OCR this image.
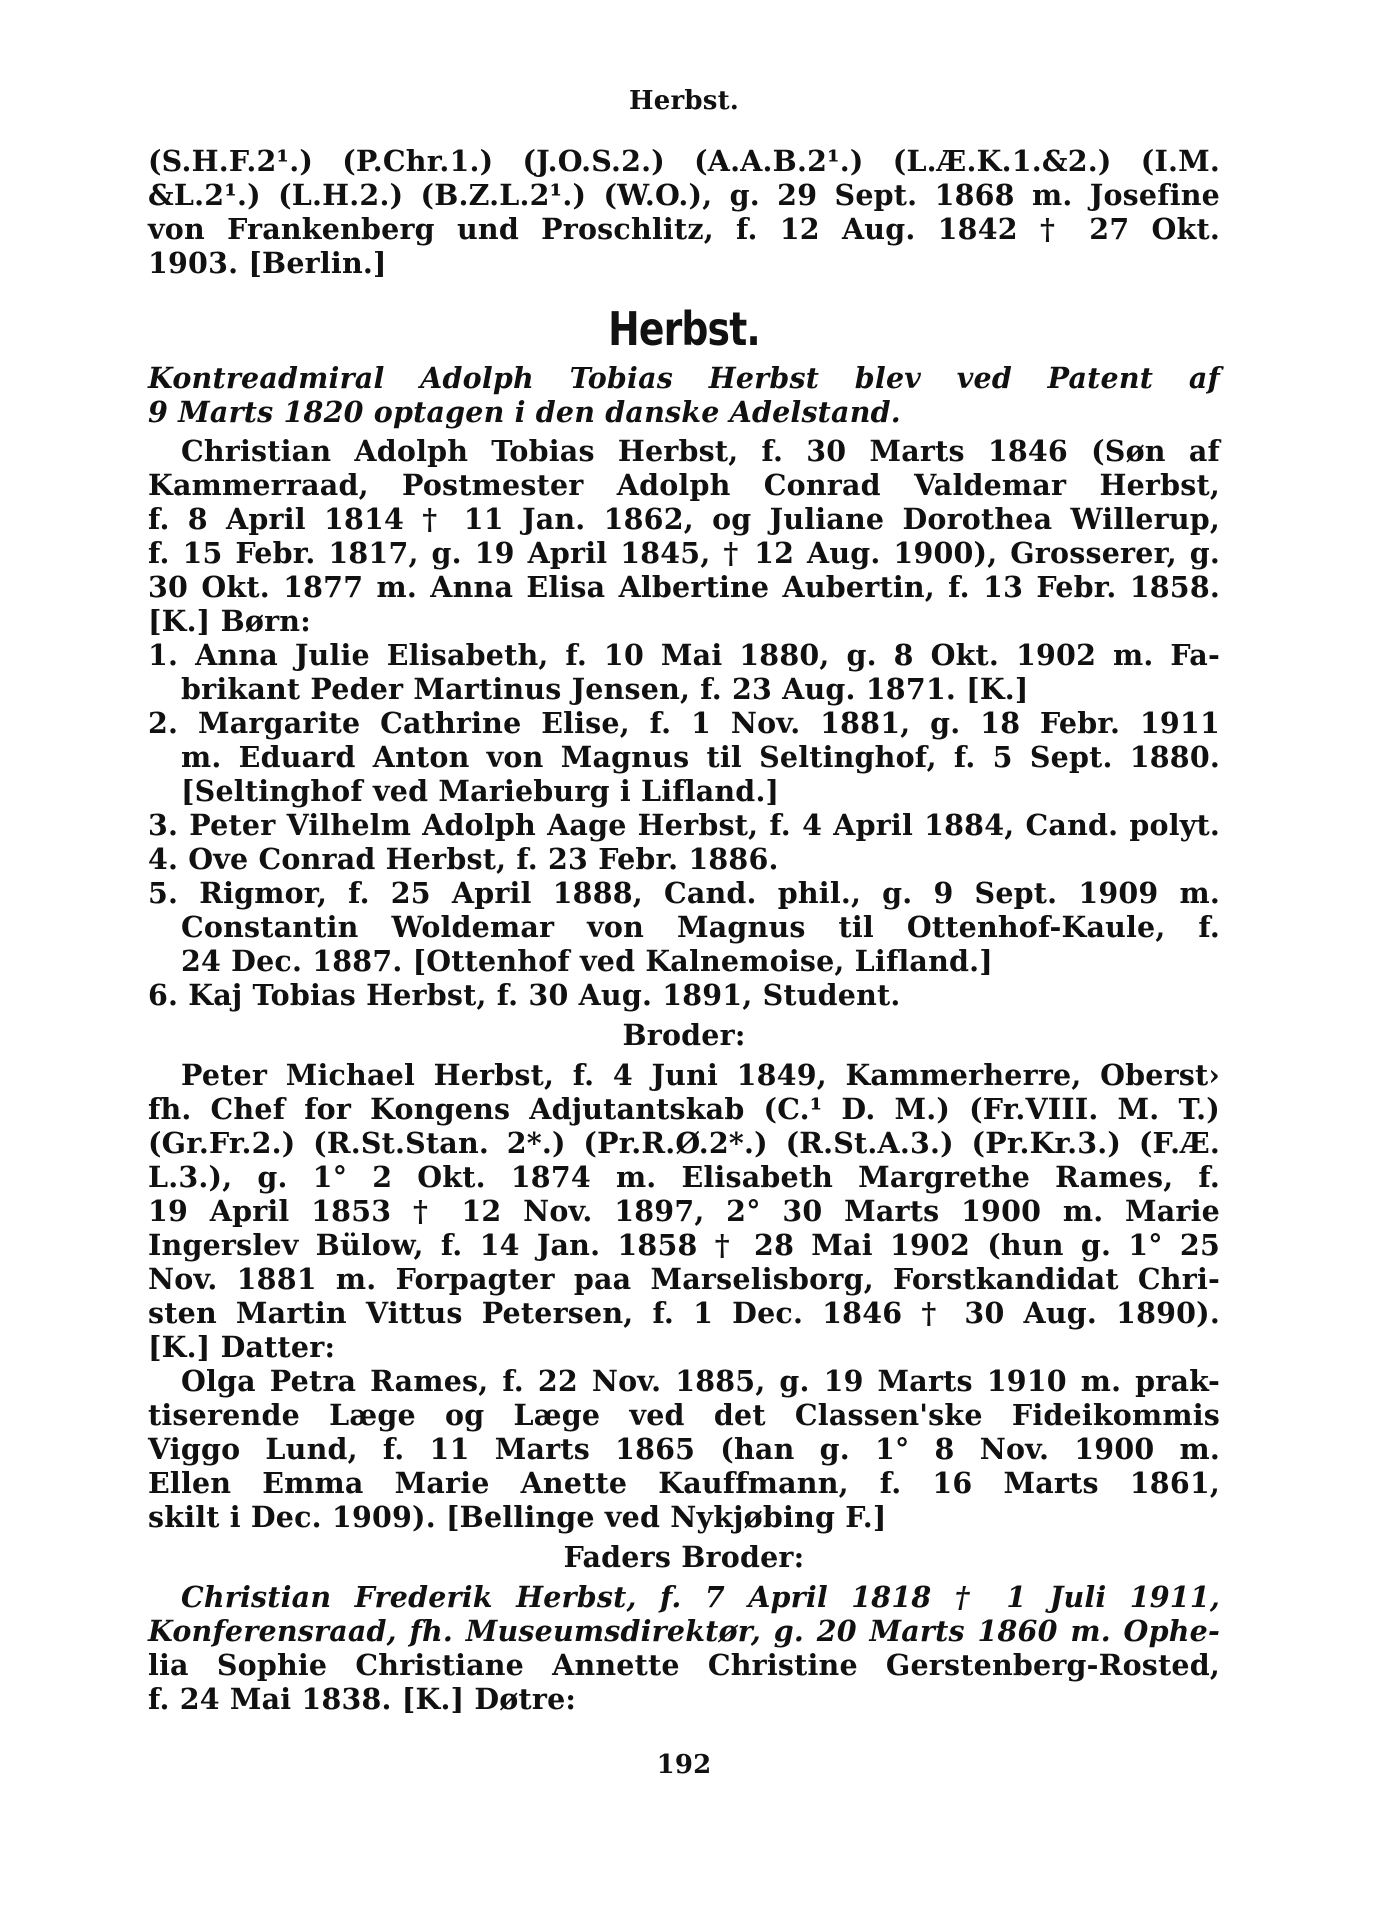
Herbst.
(S.H.F.2¹.) (P.Chr.1.) (J.O.S.2.) (A.A.B.2¹.) (L.Æ.K.1.&2.) (I.M.
&L.2¹.) (L.H.2.) (B.Z.L.2¹.) (W.O.), g. 29 Sept. 1868 m. Josefine
von Frankenberg und Proschlitz, f. 12 Aug. 1842 † 27 Okt.
1903. [Berlin.]
Herbst.
Kontreadmiral Adolph Tobias Herbst blev ved Patent af
9 Marts 1820 optagen i den danske Adelstand.
Christian Adolph Tobias Herbst, f. 30 Marts 1846 (Søn af
Kammerraad, Postmester Adolph Conrad Valdemar Herbst,
f. 8 April 1814 † 11 Jan. 1862, og Juliane Dorothea Willerup,
f. 15 Febr. 1817, g. 19 April 1845, † 12 Aug. 1900), Grosserer, g.
30 Okt. 1877 m. Anna Elisa Albertine Aubertin, f. 13 Febr. 1858.
[K.] Børn:
1. Anna Julie Elisabeth, f. 10 Mai 1880, g. 8 Okt. 1902 m. Fa-
brikant Peder Martinus Jensen, f. 23 Aug. 1871. [K.]
2. Margarite Cathrine Elise, f. 1 Nov. 1881, g. 18 Febr. 1911
m. Eduard Anton von Magnus til Seltinghof, f. 5 Sept. 1880.
[Seltinghof ved Marieburg i Lifland.]
3. Peter Vilhelm Adolph Aage Herbst, f. 4 April 1884, Cand. polyt.
4. Ove Conrad Herbst, f. 23 Febr. 1886.
5. Rigmor, f. 25 April 1888, Cand. phil., g. 9 Sept. 1909 m.
Constantin Woldemar von Magnus til Ottenhof-Kaule, f.
24 Dec. 1887. [Ottenhof ved Kalnemoise, Lifland.]
6. Kaj Tobias Herbst, f. 30 Aug. 1891, Student.
Broder:
Peter Michael Herbst, f. 4 Juni 1849, Kammerherre, Oberst›
fh. Chef for Kongens Adjutantskab (C.¹ D. M.) (Fr.VIII. M. T.)
(Gr.Fr.2.) (R.St.Stan. 2*.) (Pr.R.Ø.2*.) (R.St.A.3.) (Pr.Kr.3.) (F.Æ.
L.3.), g. 1° 2 Okt. 1874 m. Elisabeth Margrethe Rames, f.
19 April 1853 † 12 Nov. 1897, 2° 30 Marts 1900 m. Marie
Ingerslev Bülow, f. 14 Jan. 1858 † 28 Mai 1902 (hun g. 1° 25
Nov. 1881 m. Forpagter paa Marselisborg, Forstkandidat Chri-
sten Martin Vittus Petersen, f. 1 Dec. 1846 † 30 Aug. 1890).
[K.] Datter:
Olga Petra Rames, f. 22 Nov. 1885, g. 19 Marts 1910 m. prak-
tiserende Læge og Læge ved det Classen'ske Fideikommis
Viggo Lund, f. 11 Marts 1865 (han g. 1° 8 Nov. 1900 m.
Ellen Emma Marie Anette Kauffmann, f. 16 Marts 1861,
skilt i Dec. 1909). [Bellinge ved Nykjøbing F.]
Faders Broder:
Christian Frederik Herbst, f. 7 April 1818 † 1 Juli 1911,
Konferensraad, fh. Museumsdirektør, g. 20 Marts 1860 m. Ophe-
lia Sophie Christiane Annette Christine Gerstenberg-Rosted,
f. 24 Mai 1838. [K.] Døtre:
192
